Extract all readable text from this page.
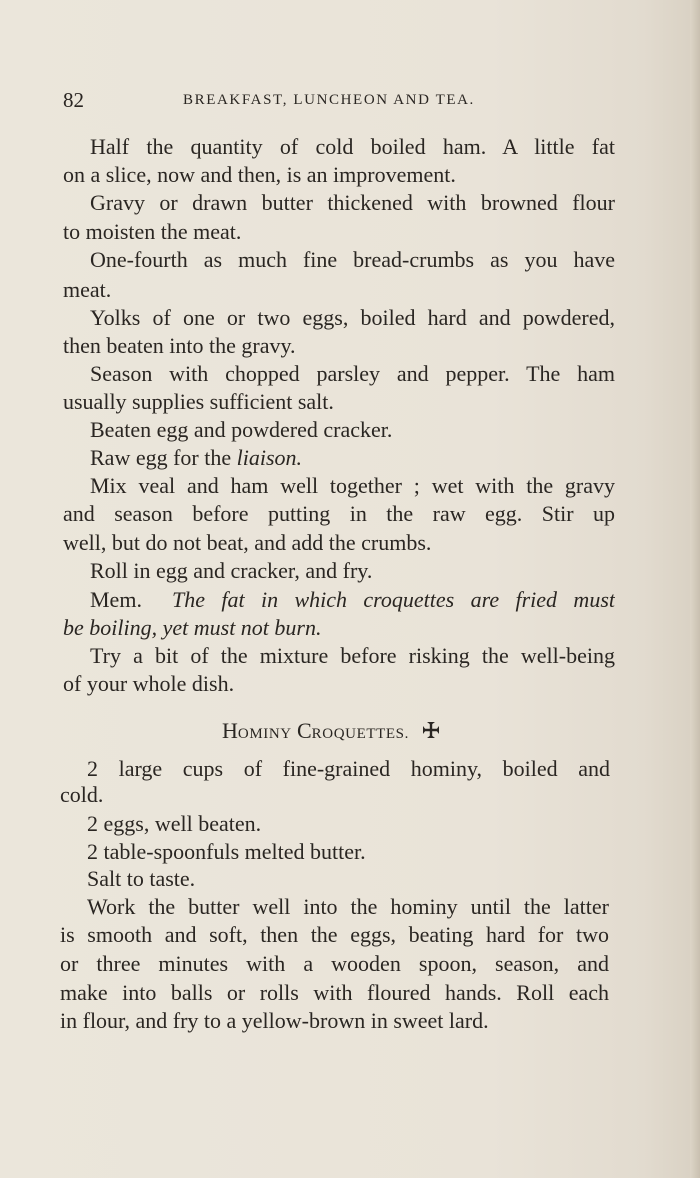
82	BREAKFAST, LUNCHEON AND TEA.
Half the quantity of cold boiled ham. A little fat
on a slice, now and then, is an improvement.
Gravy or drawn butter thickened with browned flour
to moisten the meat.
One-fourth as much fine bread-crumbs as you have
meat.
Yolks of one or two eggs, boiled hard and powdered,
then beaten into the gravy.
Season with chopped parsley and pepper. The ham
usually supplies sufficient salt.
Beaten egg and powdered cracker.
Raw egg for the liaison.
Mix veal and ham well together ; wet with the gravy
and season before putting in the raw egg. Stir up
well, but do not beat, and add the crumbs.
Roll in egg and cracker, and fry.
Mem. The fat in which croquettes are fried must
be boiling, yet must not burn.
Try a bit of the mixture before risking the well-being
of your whole dish.
HOMINY CROQUETTES.
2 large cups of fine-grained hominy, boiled and
cold.
2 eggs, well beaten.
2 table-spoonfuls melted butter.
Salt to taste.
Work the butter well into the hominy until the latter
is smooth and soft, then the eggs, beating hard for two
or three minutes with a wooden spoon, season, and
make into balls or rolls with floured hands. Roll each
in flour, and fry to a yellow-brown in sweet lard.
